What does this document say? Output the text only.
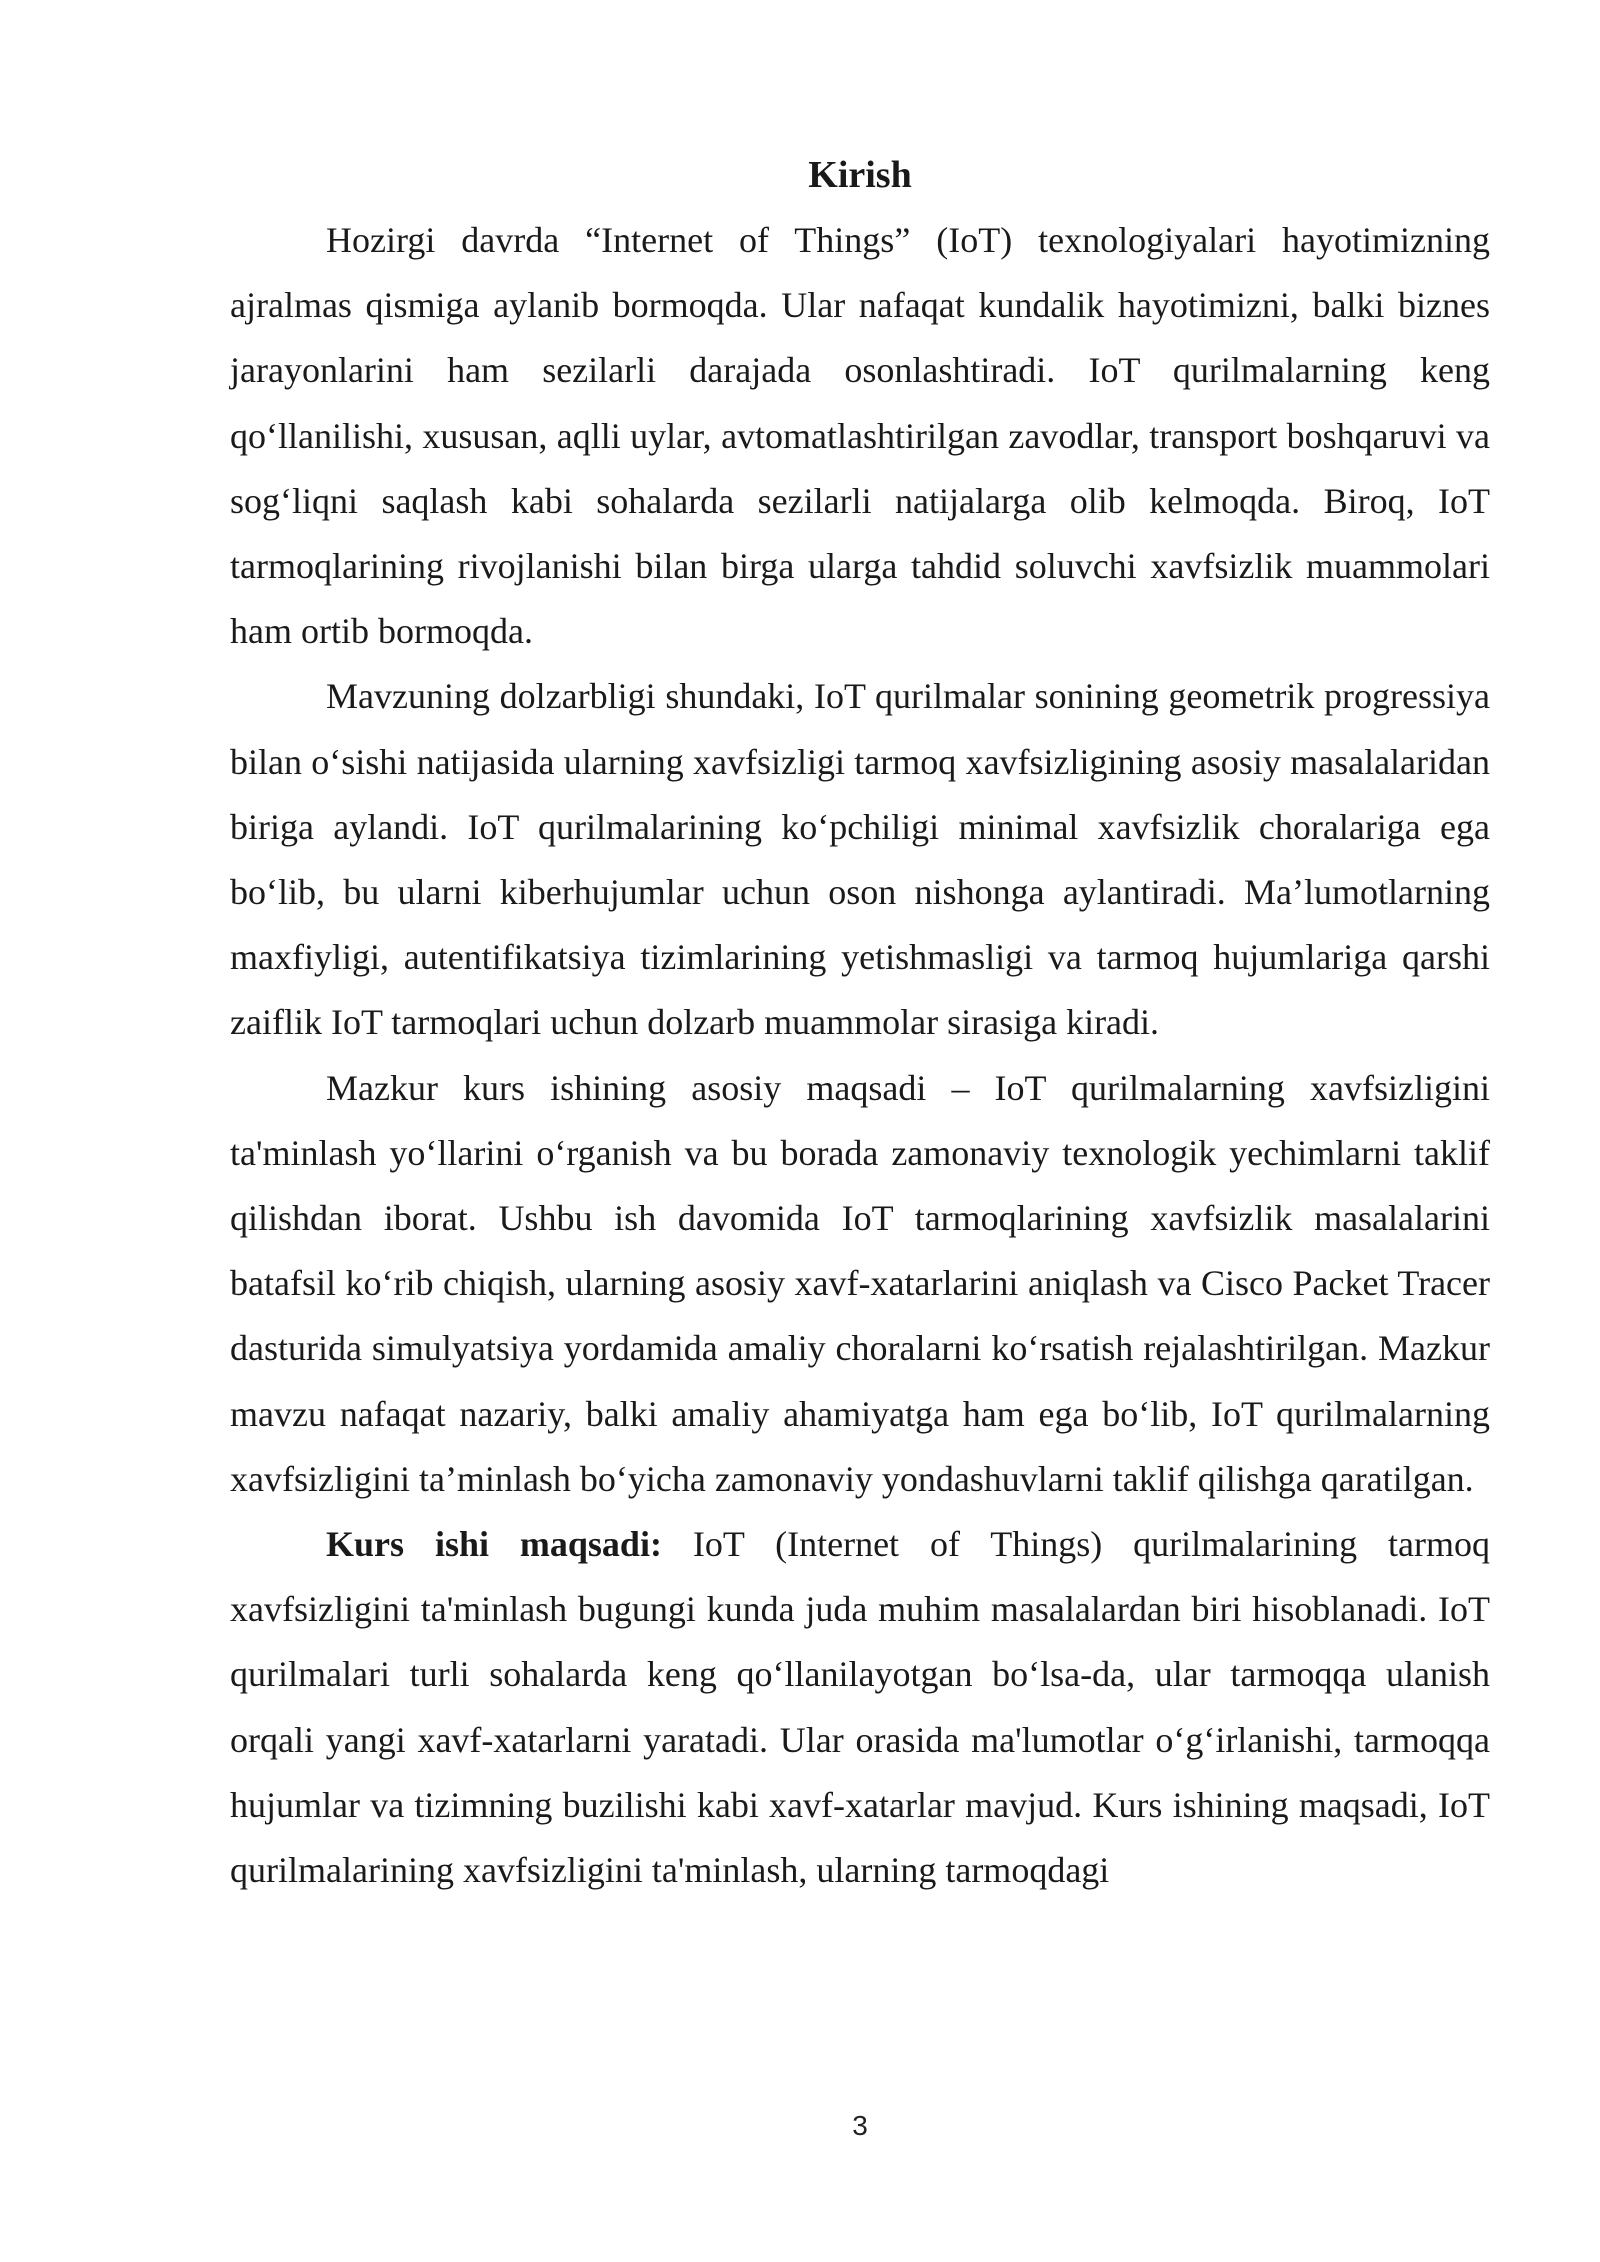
Kirish

Hozirgi davrda “Internet of Things” (IoT) texnologiyalari hayotimizning ajralmas qismiga aylanib bormoqda. Ular nafaqat kundalik hayotimizni, balki biznes jarayonlarini ham sezilarli darajada osonlashtiradi. IoT qurilmalarning keng qo‘llanilishi, xususan, aqlli uylar, avtomatlashtirilgan zavodlar, transport boshqaruvi va sog‘liqni saqlash kabi sohalarda sezilarli natijalarga olib kelmoqda. Biroq, IoT tarmoqlarining rivojlanishi bilan birga ularga tahdid soluvchi xavfsizlik muammolari ham ortib bormoqda.

Mavzuning dolzarbligi shundaki, IoT qurilmalar sonining geometrik progressiya bilan o‘sishi natijasida ularning xavfsizligi tarmoq xavfsizligining asosiy masalalaridan biriga aylandi. IoT qurilmalarining ko‘pchiligi minimal xavfsizlik choralariga ega bo‘lib, bu ularni kiberhujumlar uchun oson nishonga aylantiradi. Ma’lumotlarning maxfiyligi, autentifikatsiya tizimlarining yetishmasligi va tarmoq hujumlariga qarshi zaiflik IoT tarmoqlari uchun dolzarb muammolar sirasiga kiradi.

Mazkur kurs ishining asosiy maqsadi – IoT qurilmalarning xavfsizligini ta'minlash yo‘llarini o‘rganish va bu borada zamonaviy texnologik yechimlarni taklif qilishdan iborat. Ushbu ish davomida IoT tarmoqlarining xavfsizlik masalalarini batafsil ko‘rib chiqish, ularning asosiy xavf-xatarlarini aniqlash va Cisco Packet Tracer dasturida simulyatsiya yordamida amaliy choralarni ko‘rsatish rejalashtirilgan. Mazkur mavzu nafaqat nazariy, balki amaliy ahamiyatga ham ega bo‘lib, IoT qurilmalarning xavfsizligini ta’minlash bo‘yicha zamonaviy yondashuvlarni taklif qilishga qaratilgan.

Kurs ishi maqsadi: IoT (Internet of Things) qurilmalarining tarmoq xavfsizligini ta'minlash bugungi kunda juda muhim masalalardan biri hisoblanadi. IoT qurilmalari turli sohalarda keng qo‘llanilayotgan bo‘lsa-da, ular tarmoqqa ulanish orqali yangi xavf-xatarlarni yaratadi. Ular orasida ma'lumotlar o‘g‘irlanishi, tarmoqqa hujumlar va tizimning buzilishi kabi xavf-xatarlar mavjud. Kurs ishining maqsadi, IoT qurilmalarining xavfsizligini ta'minlash, ularning tarmoqdagi

3
